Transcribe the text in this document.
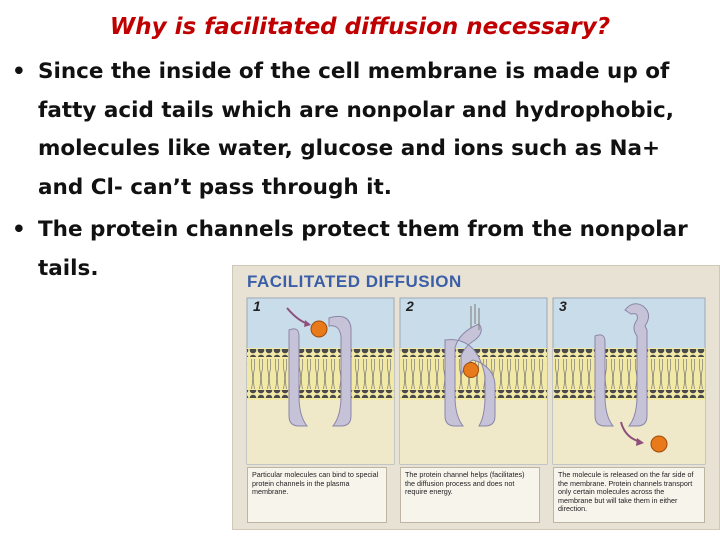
Why is facilitated diffusion necessary?
• Since the inside of the cell membrane is made up of fatty acid tails which are nonpolar and hydrophobic, molecules like water, glucose and ions such as Na+ and Cl- can’t pass through it.
• The protein channels protect them from the nonpolar tails.
1	2	3
FACILITATED DIFFUSION
Particular molecules can bind to special protein channels in the plasma membrane.
The protein channel helps (facilitates) the diffusion process and does not require energy.
The molecule is released on the far side of the membrane. Protein channels transport only certain molecules across the membrane but will take them in either direction.
